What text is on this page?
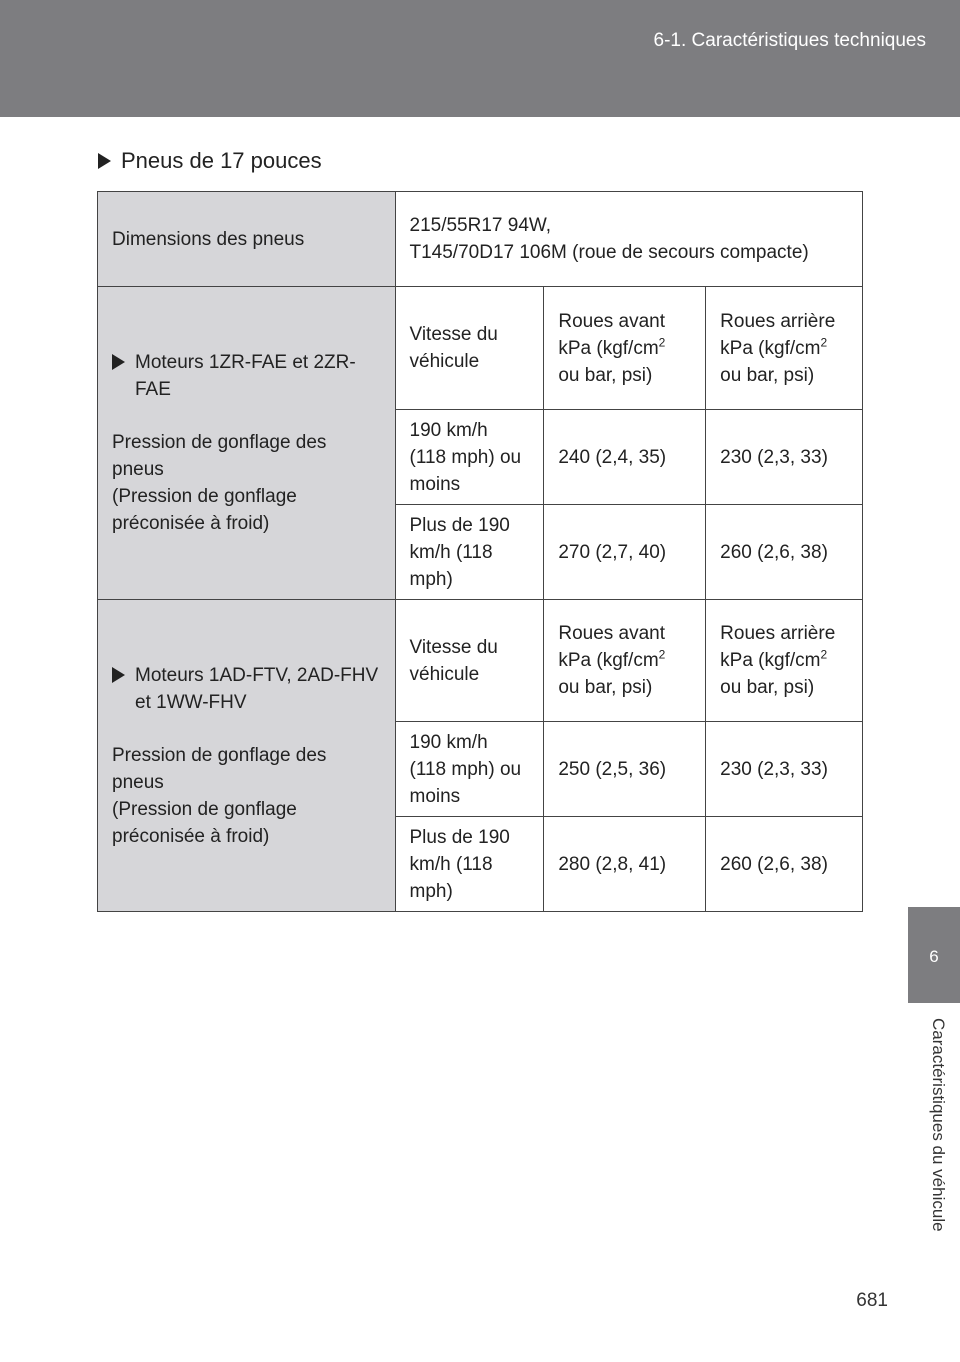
6-1. Caractéristiques techniques
6
Caractéristiques du véhicule
Pneus de 17 pouces
Dimensions des pneus	215/55R17 94W,
T145/70D17 106M (roue de secours compacte)		

Moteurs 1ZR-FAE et 2ZR-FAE
Pression de gonflage des pneus
(Pression de gonflage préconisée à froid)	Vitesse du véhicule	Roues avant kPa ($kgf/cm^2$ ou bar, psi)	Roues arrière kPa ($kgf/cm^2$ ou bar, psi)
	190 km/h (118 mph) ou moins	240 (2,4, 35)	230 (2,3, 33)
	Plus de 190 km/h (118 mph)	270 (2,7, 40)	260 (2,6, 38)

Moteurs 1AD-FTV, 2AD-FHV et 1WW-FHV
Pression de gonflage des pneus
(Pression de gonflage préconisée à froid)	Vitesse du véhicule	Roues avant kPa ($kgf/cm^2$ ou bar, psi)	Roues arrière kPa ($kgf/cm^2$ ou bar, psi)
	190 km/h (118 mph) ou moins	250 (2,5, 36)	230 (2,3, 33)
	Plus de 190 km/h (118 mph)	280 (2,8, 41)	260 (2,6, 38)
681
